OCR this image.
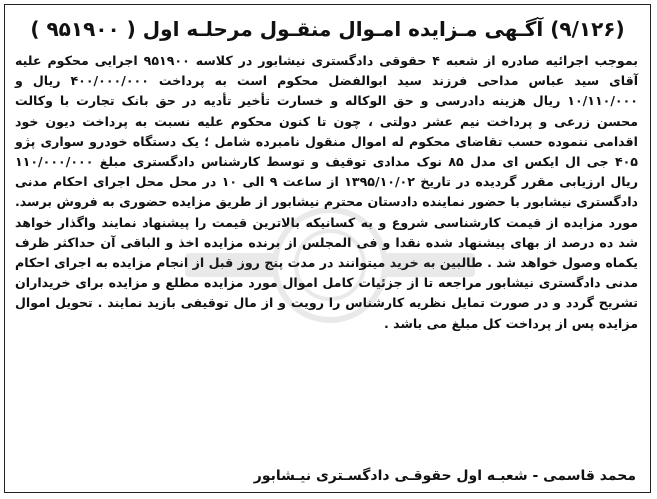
(۹/۱۲۶) آگـهی مـزایده امـوال منقـول مرحلـه اول ( ۹۵۱۹۰۰ )
بموجب اجرائیه صادره از شعبه ۴ حقوقی دادگستری نیشابور در کلاسه ۹۵۱۹۰۰ اجرایی محکوم علیه آقای سید عباس مداحی فرزند سید ابوالفضل محکوم است به پرداخت ۴۰۰/۰۰۰/۰۰۰ ریال و ۱۰/۱۱۰/۰۰۰ ریال هزینه دادرسی و حق الوکاله و خسارت تأخیر تأدیه در حق بانک تجارت با وکالت محسن زرعی و پرداخت نیم عشر دولتی ، چون تا کنون محکوم علیه نسبت به پرداخت دیون خود اقدامی ننموده حسب تقاضای محکوم له اموال منقول نامبرده شامل ؛ یک دستگاه خودرو سواری پژو ۴۰۵ جی ال ایکس ای مدل ۸۵ نوک مدادی توقیف و توسط کارشناس دادگستری مبلغ ۱۱۰/۰۰۰/۰۰۰ ریال ارزیابی مقرر گردیده در تاریخ ۱۳۹۵/۱۰/۰۲ از ساعت ۹ الی ۱۰ در محل محل اجرای احکام مدنی دادگستری نیشابور با حضور نماینده دادستان محترم نیشابور از طریق مزایده حضوری به فروش برسد. مورد مزایده از قیمت کارشناسی شروع و به کسانیکه بالاترین قیمت را پیشنهاد نمایند واگذار خواهد شد ده درصد از بهای پیشنهاد شده نقدا و فی المجلس از برنده مزایده اخذ و الباقی آن حداکثر ظرف یکماه وصول خواهد شد . طالبین به خرید میتوانند در مدت پنج روز قبل از انجام مزایده به اجرای احکام مدنی دادگستری نیشابور مراجعه تا از جزئیات کامل اموال مورد مزایده مطلع و مزایده برای خریداران تشریح گردد و در صورت تمایل نظریه کارشناس را رویت و از مال توقیفی بازید نمایند . تحویل اموال مزایده پس از پرداخت کل مبلغ می باشد .
محمد قاسمی - شعبـه اول حقوقـی دادگسـتری نیـشابور
